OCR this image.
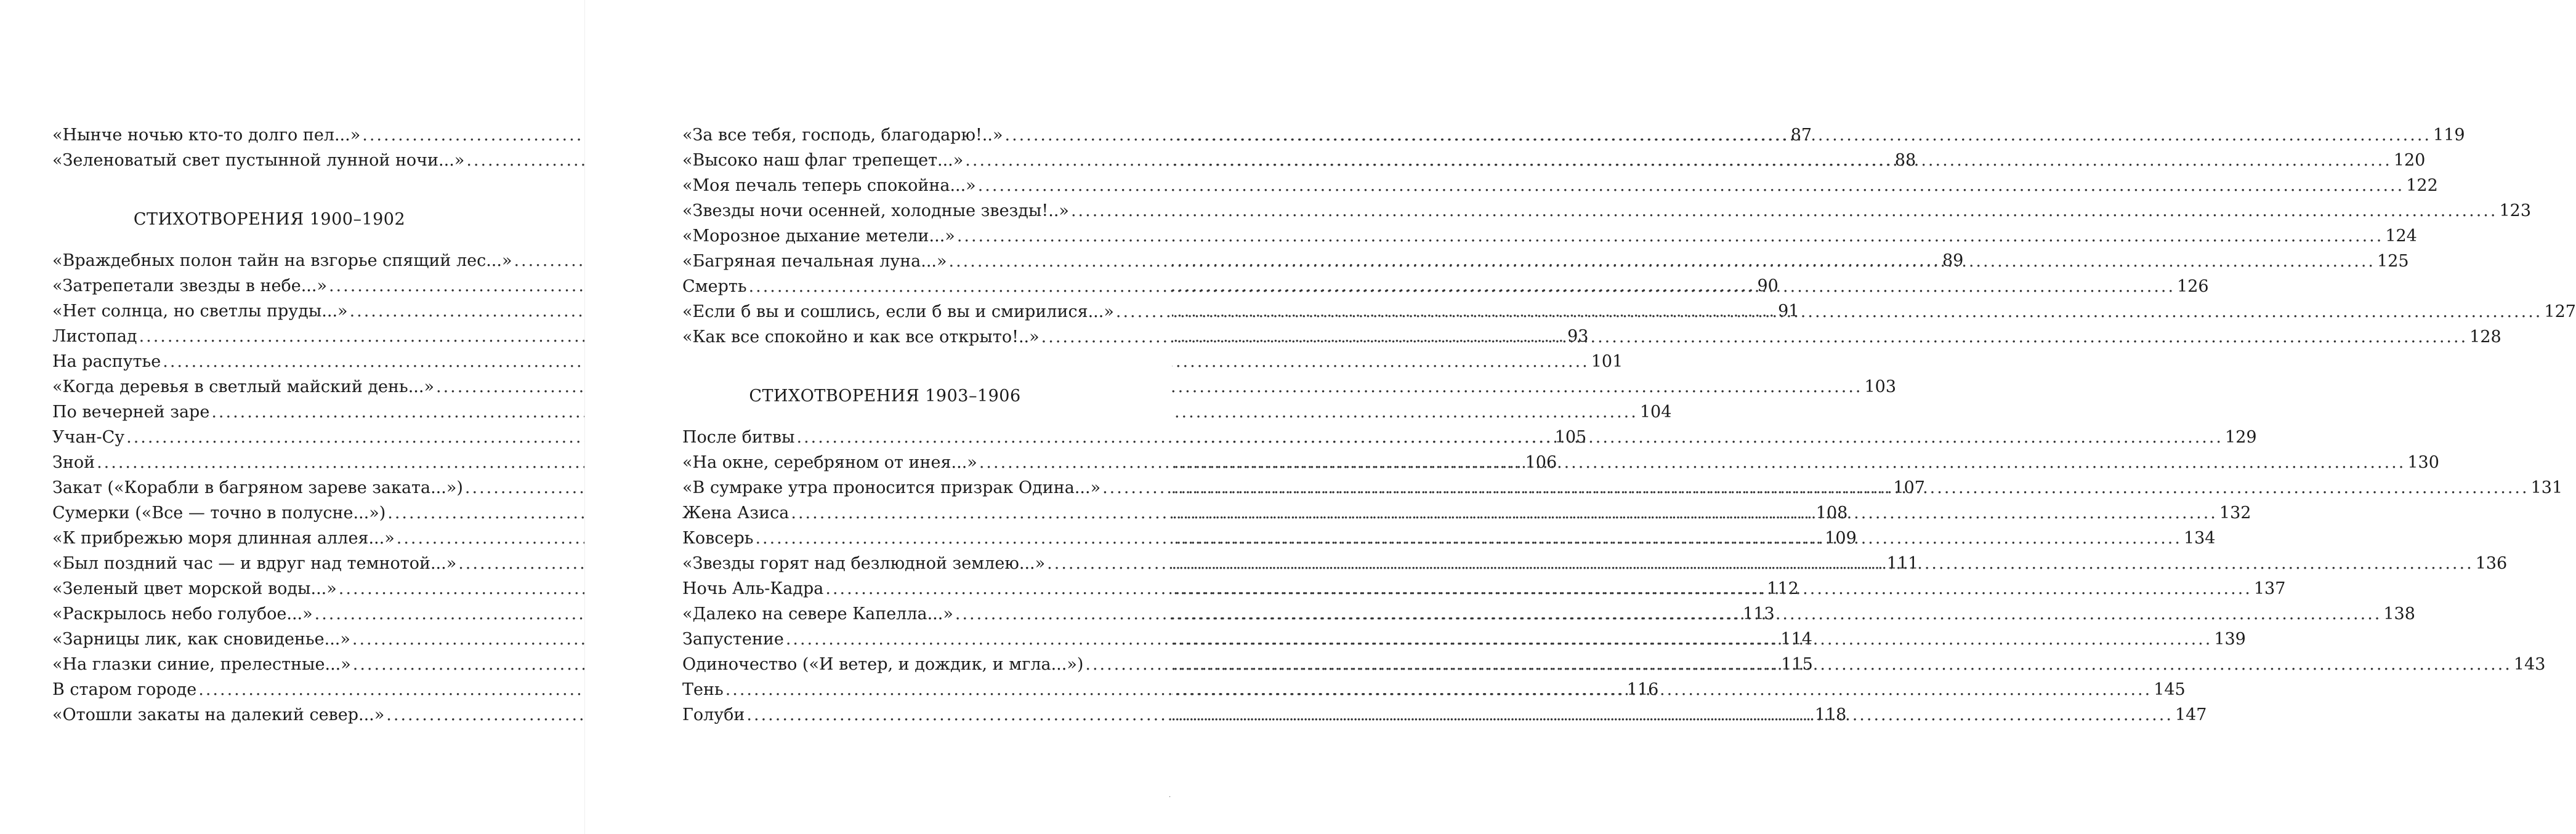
«Нынче ночью кто-то долго пел...» .....	87
«Зеленоватый свет пустынной лунной ночи...» .....	88
СТИХОТВОРЕНИЯ 1900–1902
«Враждебных полон тайн на взгорье спящий лес...» .....	89
«Затрепетали звезды в небе...» .....	90
«Нет солнца, но светлы пруды...» .....	91
Листопад .....	93
На распутье .....	101
«Когда деревья в светлый майский день...» .....	103
По вечерней заре .....	104
Учан-Су .....	105
Зной .....	106
Закат («Корабли в багряном зареве заката...») .....	107
Сумерки («Все — точно в полусне...») .....	108
«К прибрежью моря длинная аллея...» .....	109
«Был поздний час — и вдруг над темнотой...» .....	111
«Зеленый цвет морской воды...» .....	112
«Раскрылось небо голубое...» .....	113
«Зарницы лик, как сновиденье...» .....	114
«На глазки синие, прелестные...» .....	115
В старом городе .....	116
«Отошли закаты на далекий север...» .....	118
«За все тебя, господь, благодарю!..» .....	119
«Высоко наш флаг трепещет...» .....	120
«Моя печаль теперь спокойна...» .....	122
«Звезды ночи осенней, холодные звезды!..» .....	123
«Морозное дыхание метели...» .....	124
«Багряная печальная луна...» .....	125
Смерть .....	126
«Если б вы и сошлись, если б вы и смирилися...» .....	127
«Как все спокойно и как все открыто!..» .....	128
СТИХОТВОРЕНИЯ 1903–1906
После битвы .....	129
«На окне, серебряном от инея...» .....	130
«В сумраке утра проносится призрак Одина...» .....	131
Жена Азиса .....	132
Ковсерь .....	134
«Звезды горят над безлюдной землею...» .....	136
Ночь Аль-Кадра .....	137
«Далеко на севере Капелла...» .....	138
Запустение .....	139
Одиночество («И ветер, и дождик, и мгла...») .....	143
Тень .....	145
Голуби .....	147
·
